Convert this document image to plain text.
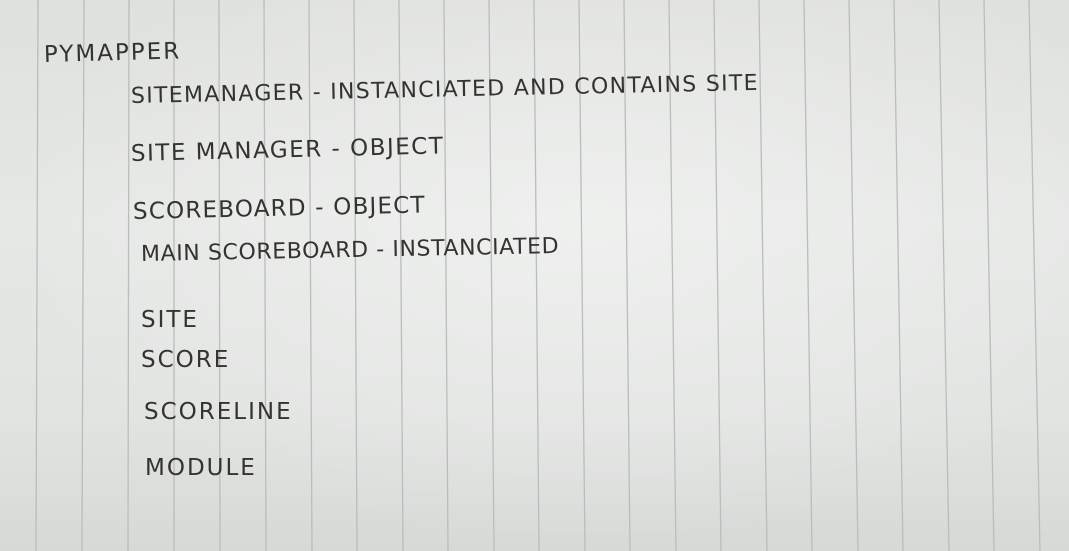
PYMAPPER

SITEMANAGER - INSTANCIATED AND CONTAINS SITE

SITE MANAGER - OBJECT

SCOREBOARD - OBJECT

MAIN SCOREBOARD - INSTANCIATED

SITE

SCORE

SCORELINE

MODULE
